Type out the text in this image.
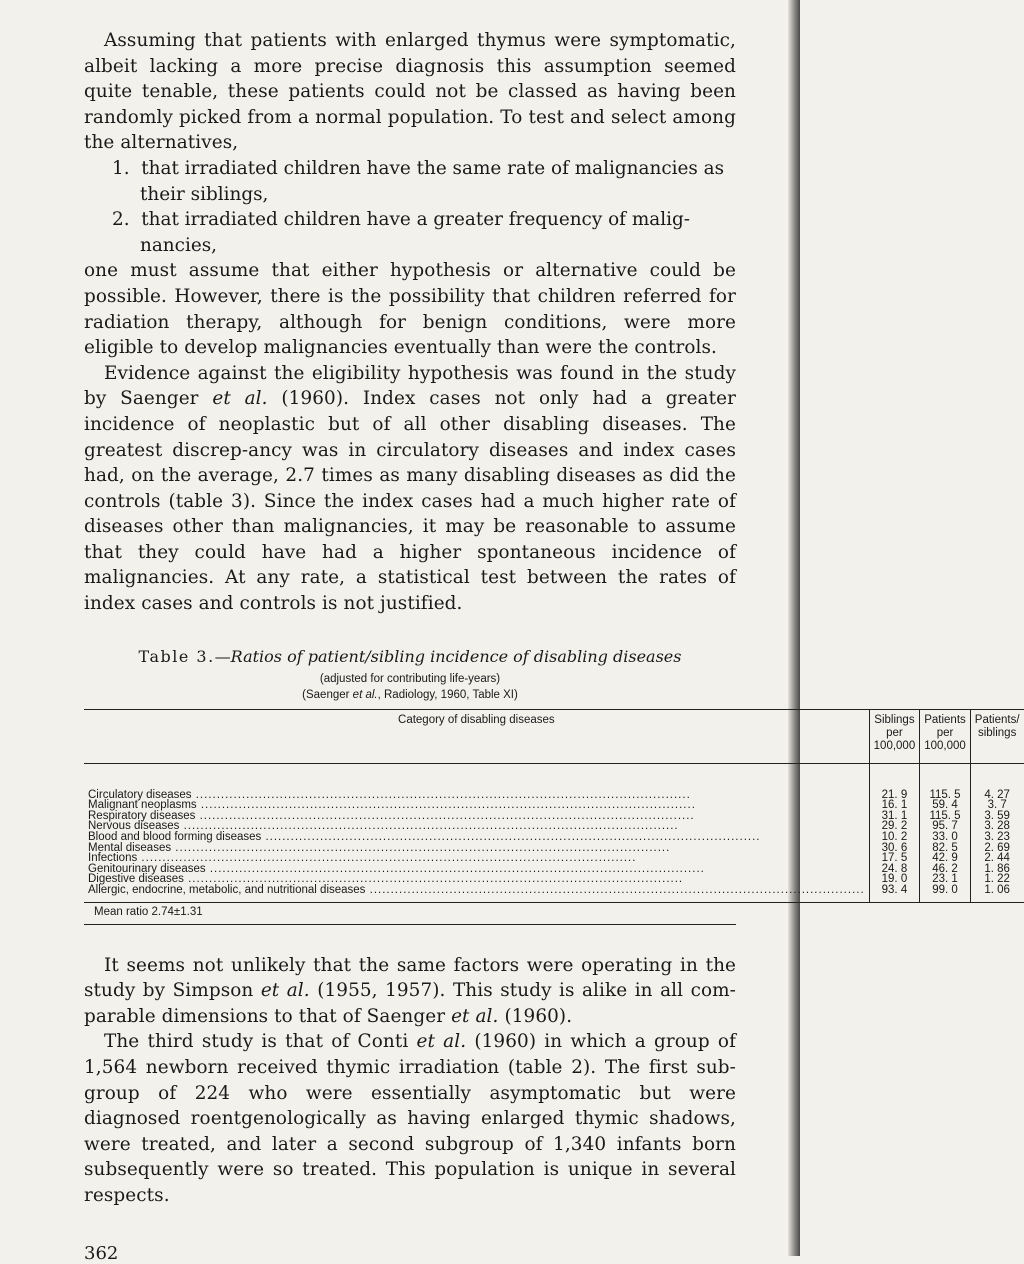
Assuming that patients with enlarged thymus were symptomatic, albeit lacking a more precise diagnosis this assumption seemed quite tenable, these patients could not be classed as having been randomly picked from a normal population. To test and select among the alternatives,

1. that irradiated children have the same rate of malignancies as their siblings,

2. that irradiated children have a greater frequency of malig-nancies,

one must assume that either hypothesis or alternative could be possible. However, there is the possibility that children referred for radiation therapy, although for benign conditions, were more eligible to develop malignancies eventually than were the controls.

Evidence against the eligibility hypothesis was found in the study by Saenger et al. (1960). Index cases not only had a greater incidence of neoplastic but of all other disabling diseases. The greatest discrep-ancy was in circulatory diseases and index cases had, on the average, 2.7 times as many disabling diseases as did the controls (table 3). Since the index cases had a much higher rate of diseases other than malignancies, it may be reasonable to assume that they could have had a higher spontaneous incidence of malignancies. At any rate, a statistical test between the rates of index cases and controls is not justified.

Table 3.—Ratios of patient/sibling incidence of disabling diseases
(adjusted for contributing life-years)
(Saenger et al., Radiology, 1960, Table XI)
Category of disabling diseases	Siblings per 100,000	Patients per 100,000	Patients/ siblings
Circulatory diseases .....	21. 9	115. 5	4. 27
Malignant neoplasms .....	16. 1	59. 4	3. 7
Respiratory diseases .....	31. 1	115. 5	3. 59
Nervous diseases .....	29. 2	95. 7	3. 28
Blood and blood forming diseases .....	10. 2	33. 0	3. 23
Mental diseases .....	30. 6	82. 5	2. 69
Infections .....	17. 5	42. 9	2. 44
Genitourinary diseases .....	24. 8	46. 2	1. 86
Digestive diseases .....	19. 0	23. 1	1. 22
Allergic, endocrine, metabolic, and nutritional diseases .....	93. 4	99. 0	1. 06
Mean ratio 2.74±1.31

It seems not unlikely that the same factors were operating in the study by Simpson et al. (1955, 1957). This study is alike in all com-parable dimensions to that of Saenger et al. (1960).

The third study is that of Conti et al. (1960) in which a group of 1,564 newborn received thymic irradiation (table 2). The first sub-group of 224 who were essentially asymptomatic but were diagnosed roentgenologically as having enlarged thymic shadows, were treated, and later a second subgroup of 1,340 infants born subsequently were so treated. This population is unique in several respects.

362
